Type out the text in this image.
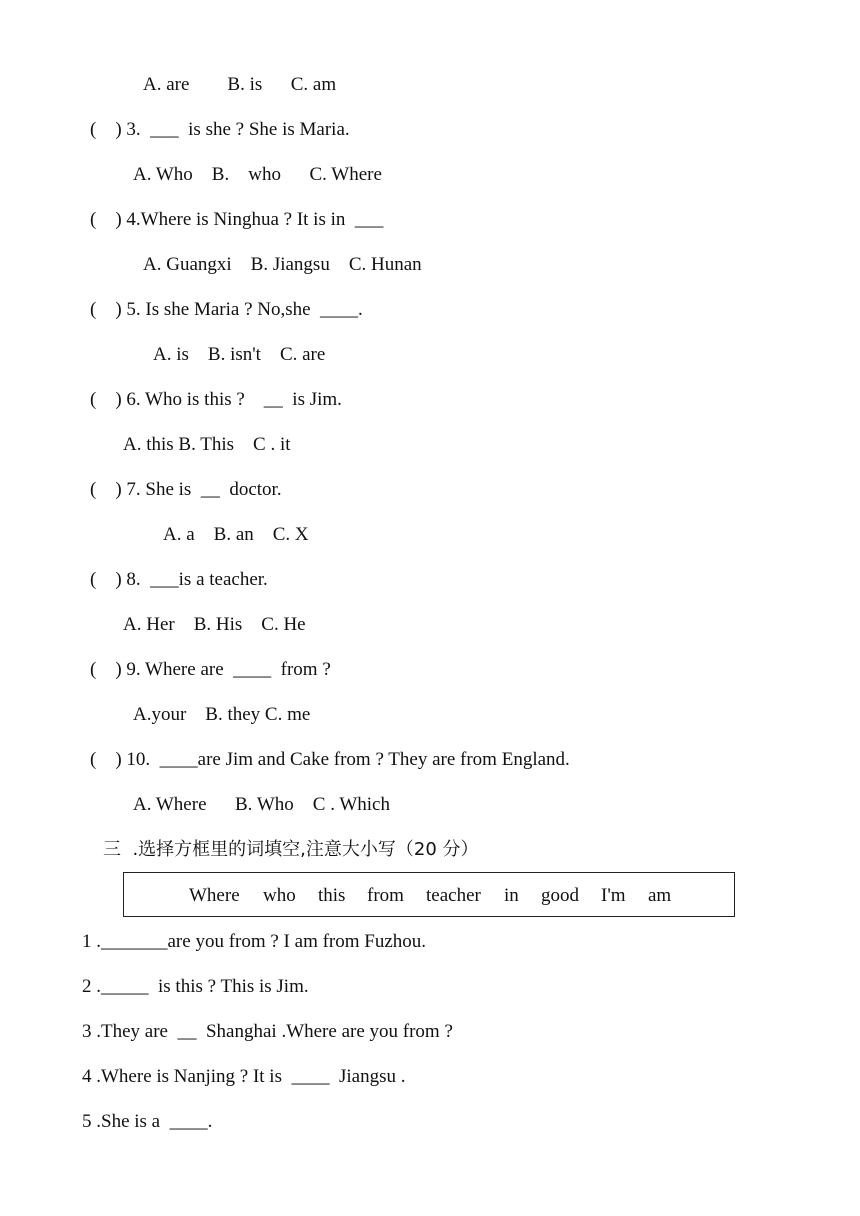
A. are        B. is      C. am
(    ) 3.  ___  is she ? She is Maria.
A. Who    B.    who      C. Where
(    ) 4.Where is Ninghua ? It is in  ___
A. Guangxi    B. Jiangsu    C. Hunan
(    ) 5. Is she Maria ? No,she  ____.
A. is    B. isn't    C. are
(    ) 6. Who is this ?    __  is Jim.
A. this B. This    C . it
(    ) 7. She is  __  doctor.
A. a    B. an    C. X
(    ) 8.  ___is a teacher.
A. Her    B. His    C. He
(    ) 9. Where are  ____  from ?
A.your    B. they C. me
(    ) 10.  ____are Jim and Cake from ? They are from England.
A. Where      B. Who    C . Which
三  .选择方框里的词填空,注意大小写（20 分）
Where who this from teacher in good I'm am
1 ._______are you from ? I am from Fuzhou.
2 ._____  is this ? This is Jim.
3 .They are  __  Shanghai .Where are you from ?
4 .Where is Nanjing ? It is  ____  Jiangsu .
5 .She is a  ____.
